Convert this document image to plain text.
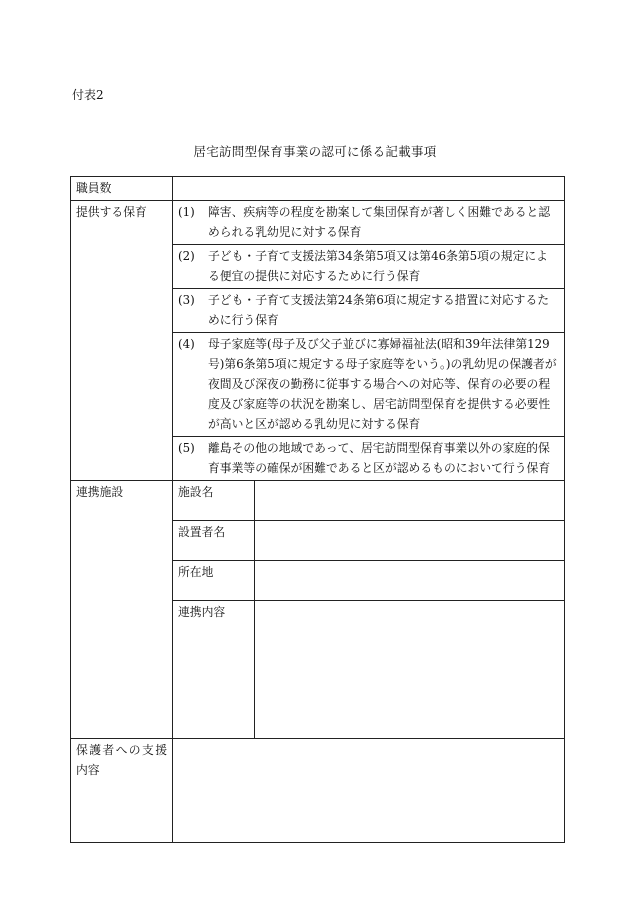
付表2
居宅訪問型保育事業の認可に係る記載事項
職員数		
提供する保育	(1) 障害、疾病等の程度を勘案して集団保育が著しく困難であると認められる乳幼児に対する保育	

	(2) 子ども・子育て支援法第34条第5項又は第46条第5項の規定による便宜の提供に対応するために行う保育	

	(3) 子ども・子育て支援法第24条第6項に規定する措置に対応するために行う保育	

	(4) 母子家庭等(母子及び父子並びに寡婦福祉法(昭和39年法律第129号)第6条第5項に規定する母子家庭等をいう。)の乳幼児の保護者が夜間及び深夜の勤務に従事する場合への対応等、保育の必要の程度及び家庭等の状況を勘案し、居宅訪問型保育を提供する必要性が高いと区が認める乳幼児に対する保育	

	(5) 離島その他の地域であって、居宅訪問型保育事業以外の家庭的保育事業等の確保が困難であると区が認めるものにおいて行う保育	

連携施設	施設名	
	設置者名	
	所在地	
	連携内容	
保護者への支援内容		
